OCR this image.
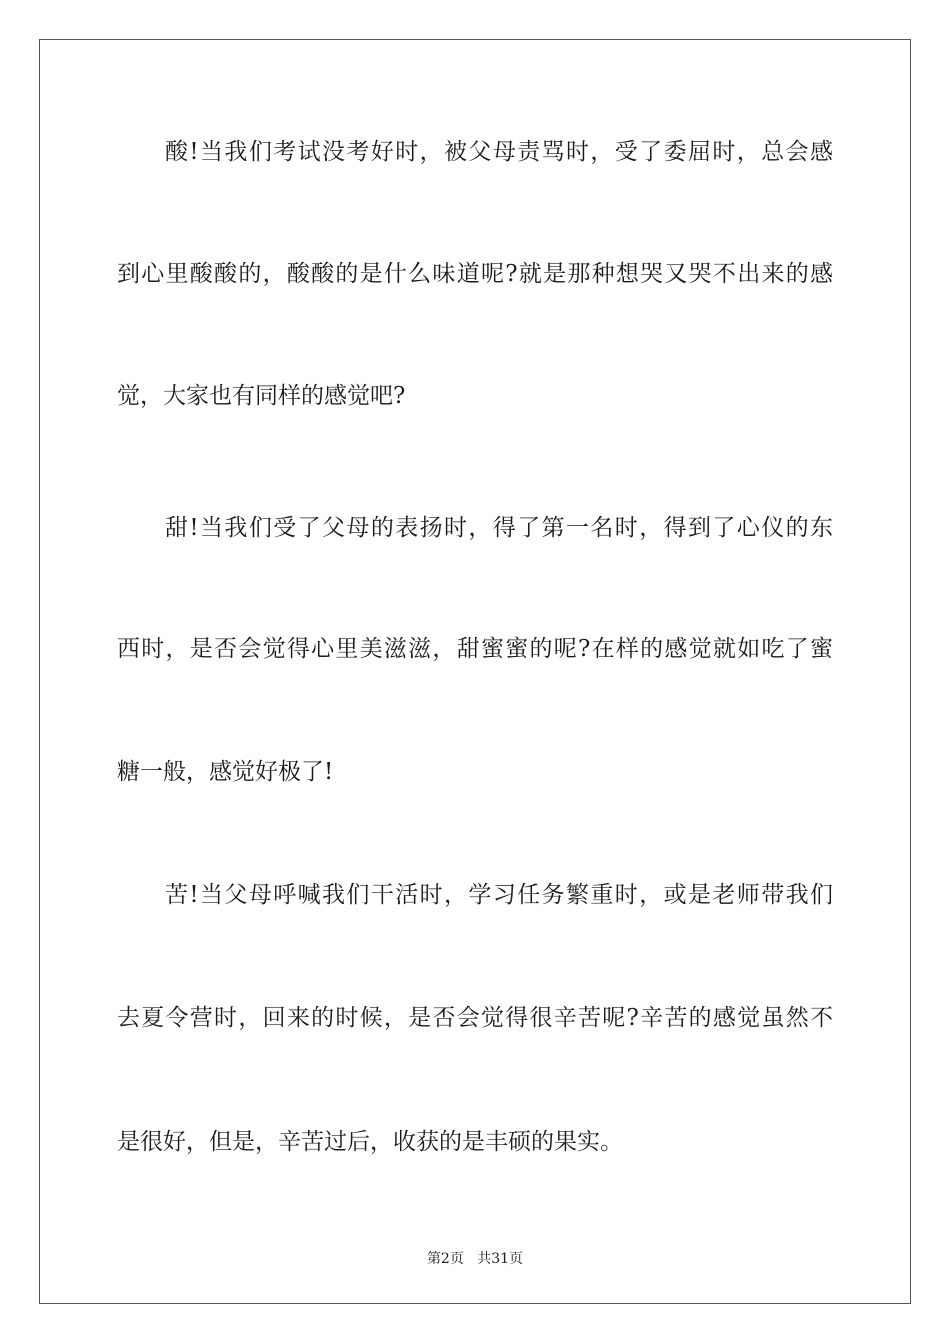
酸!当我们考试没考好时，被父母责骂时，受了委屈时，总会感

到心里酸酸的，酸酸的是什么味道呢?就是那种想哭又哭不出来的感

觉，大家也有同样的感觉吧?

甜!当我们受了父母的表扬时，得了第一名时，得到了心仪的东

西时，是否会觉得心里美滋滋，甜蜜蜜的呢?在样的感觉就如吃了蜜

糖一般，感觉好极了!

苦!当父母呼喊我们干活时，学习任务繁重时，或是老师带我们

去夏令营时，回来的时候，是否会觉得很辛苦呢?辛苦的感觉虽然不

是很好，但是，辛苦过后，收获的是丰硕的果实。

第2页 共31页
